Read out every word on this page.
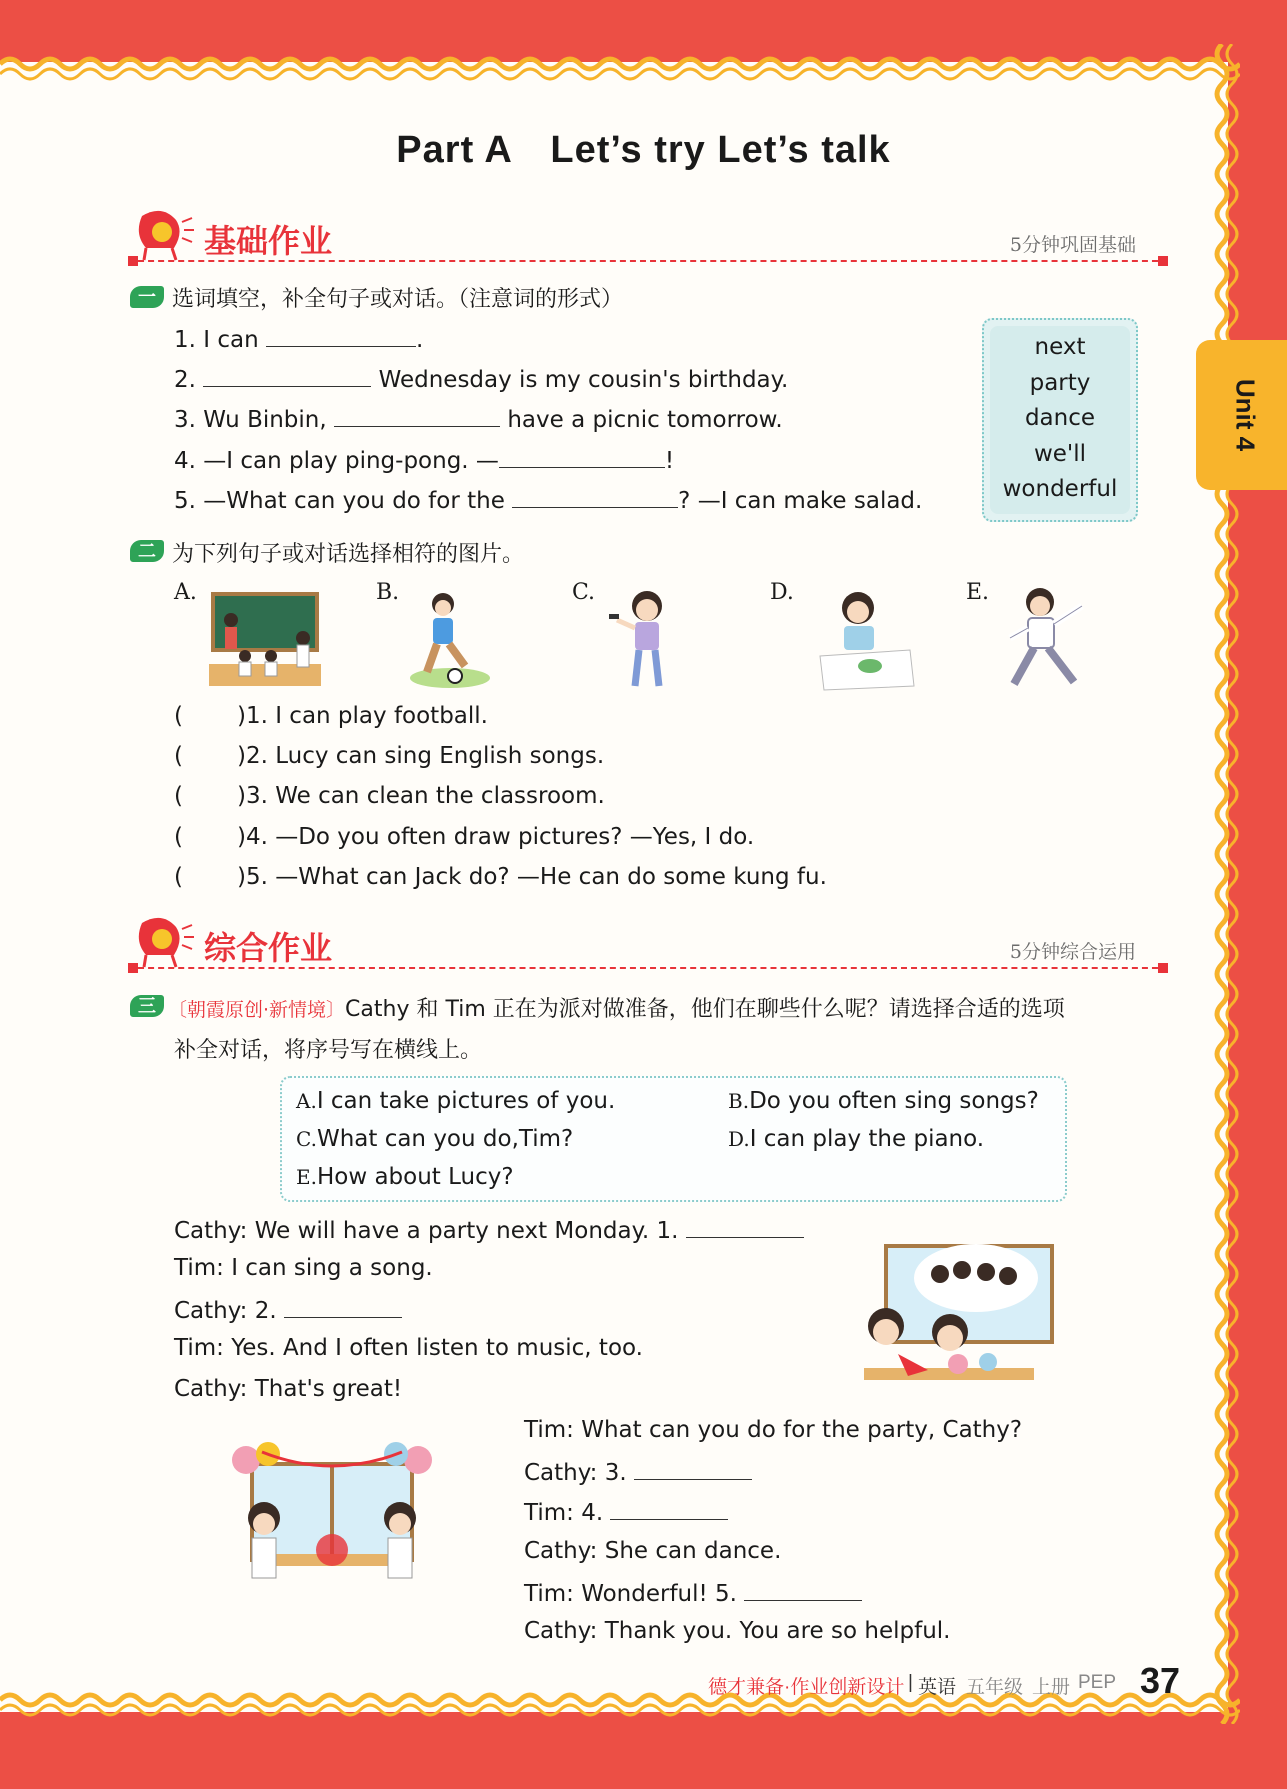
Unit 4
Part A　Let’s try Let’s talk
基础作业	5分钟巩固基础
一 选词填空，补全句子或对话。（注意词的形式）
1. I can	.
2.	Wednesday is my cousin's birthday.
3. Wu Binbin,	have a picnic tomorrow.
4. —I can play ping-pong. —	!
5. —What can you do for the	? —I can make salad.
next
party
dance
we'll
wonderful
二 为下列句子或对话选择相符的图片。
A.	B.	C.	D.	E.
( )1. I can play football.
( )2. Lucy can sing English songs.
( )3. We can clean the classroom.
( )4. —Do you often draw pictures? —Yes, I do.
( )5. —What can Jack do? —He can do some kung fu.
综合作业	5分钟综合运用
三 〔朝霞原创·新情境〕Cathy 和 Tim 正在为派对做准备，他们在聊些什么呢？请选择合适的选项
补全对话，将序号写在横线上。
A.I can take pictures of you.	B.Do you often sing songs?
C.What can you do,Tim?	D.I can play the piano.
E.How about Lucy?
Cathy: We will have a party next Monday. 1.
Tim: I can sing a song.
Cathy: 2.
Tim: Yes. And I often listen to music, too.
Cathy: That's great!
Tim: What can you do for the party, Cathy?
Cathy: 3.
Tim: 4.
Cathy: She can dance.
Tim: Wonderful! 5.
Cathy: Thank you. You are so helpful.
德才兼备·作业创新设计 | 英语 五年级 上册 PEP 37
